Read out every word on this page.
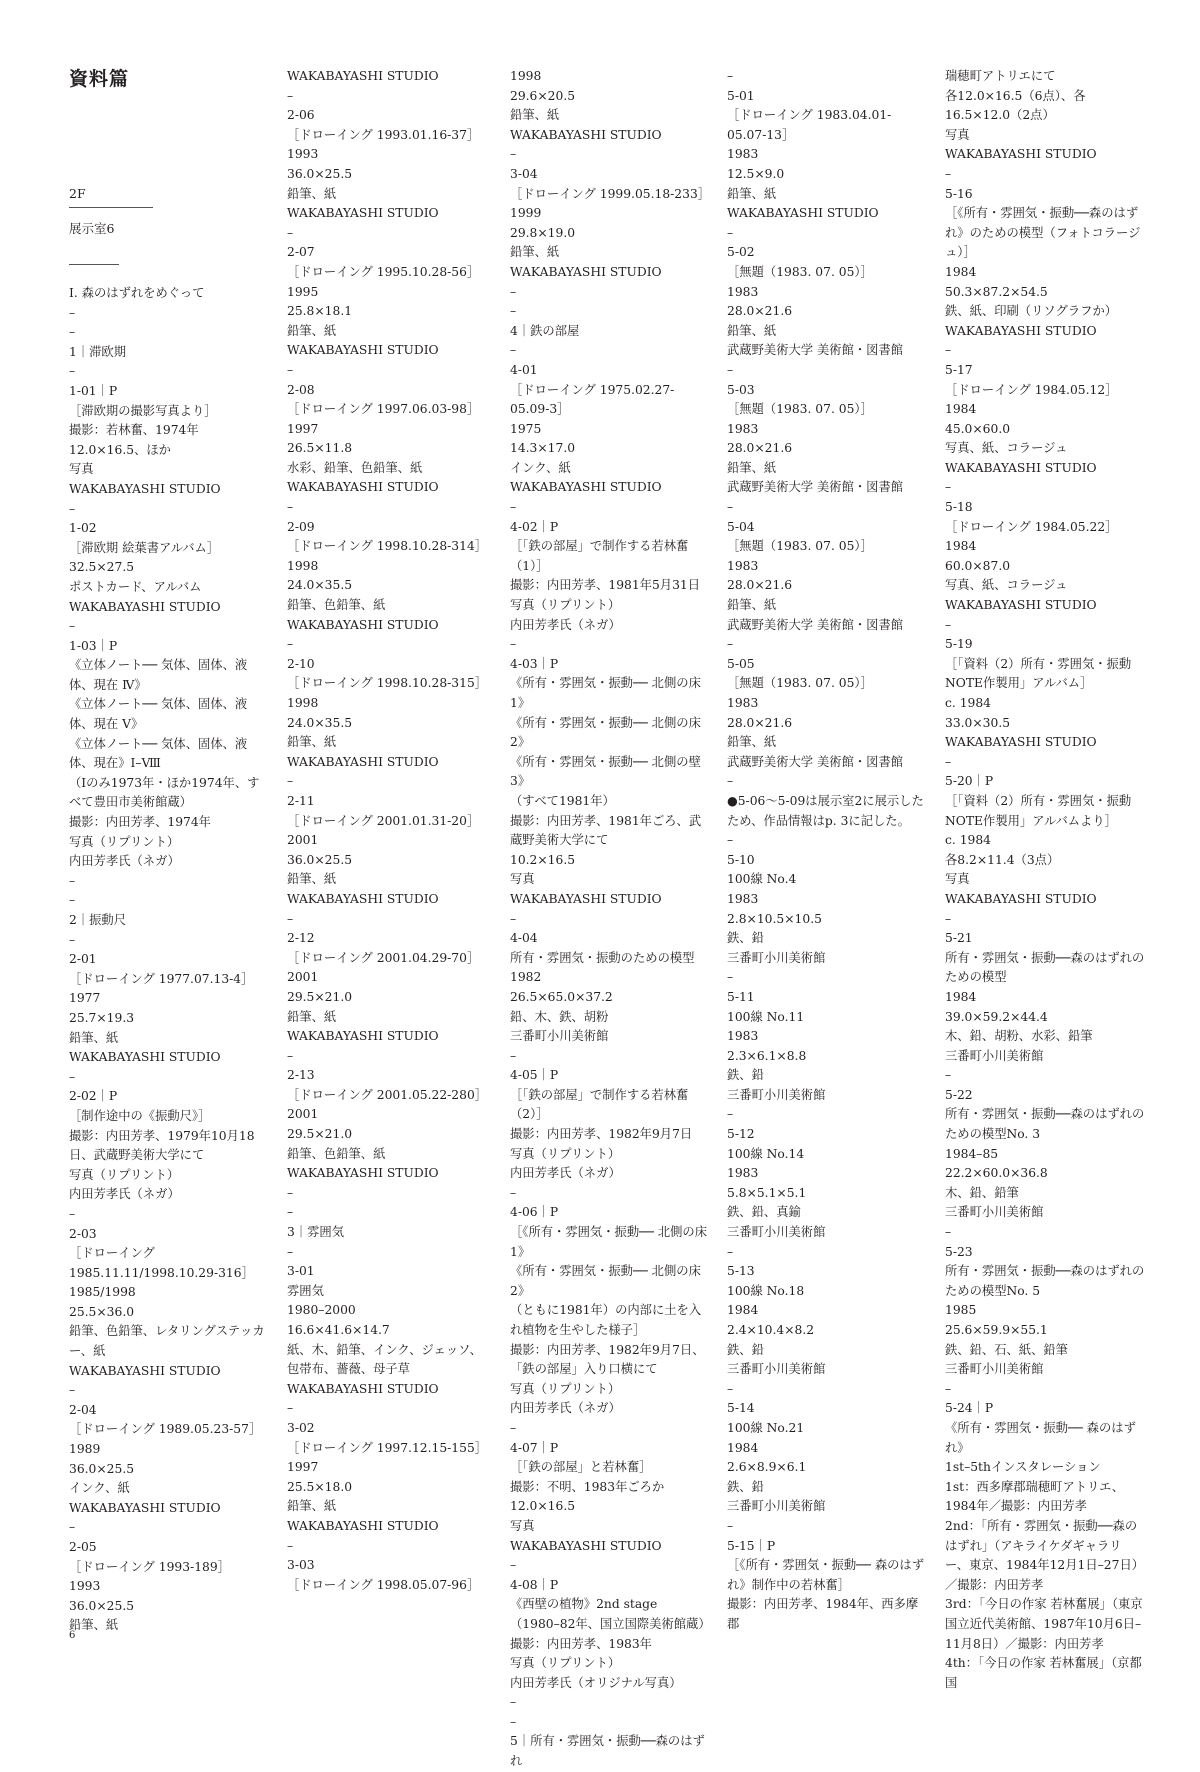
資料篇
2F
展示室6
I. 森のはずれをめぐって
–
–
1｜滞欧期
–
1-01｜P
［滞欧期の撮影写真より］
撮影：若林奮、1974年
12.0×16.5、ほか
写真
WAKABAYASHI STUDIO
–
1-02
［滞欧期 絵葉書アルバム］
32.5×27.5
ポストカード、アルバム
WAKABAYASHI STUDIO
–
1-03｜P
《立体ノート── 気体、固体、液体、現在 Ⅳ》
《立体ノート── 気体、固体、液体、現在 Ⅴ》
《立体ノート── 気体、固体、液体、現在》Ⅰ–Ⅷ
（Ⅰのみ1973年・ほか1974年、すべて豊田市美術館蔵）
撮影：内田芳孝、1974年
写真（リプリント）
内田芳孝氏（ネガ）
–
–
2｜振動尺
–
2-01
［ドローイング 1977.07.13-4］
1977
25.7×19.3
鉛筆、紙
WAKABAYASHI STUDIO
–
2-02｜P
［制作途中の《振動尺》］
撮影：内田芳孝、1979年10月18日、武蔵野美術大学にて
写真（リプリント）
内田芳孝氏（ネガ）
–
2-03
［ドローイング
1985.11.11/1998.10.29-316］
1985/1998
25.5×36.0
鉛筆、色鉛筆、レタリングステッカー、紙
WAKABAYASHI STUDIO
–
2-04
［ドローイング 1989.05.23-57］
1989
36.0×25.5
インク、紙
WAKABAYASHI STUDIO
–
2-05
［ドローイング 1993-189］
1993
36.0×25.5
鉛筆、紙
WAKABAYASHI STUDIO
–
2-06
［ドローイング 1993.01.16-37］
1993
36.0×25.5
鉛筆、紙
WAKABAYASHI STUDIO
–
2-07
［ドローイング 1995.10.28-56］
1995
25.8×18.1
鉛筆、紙
WAKABAYASHI STUDIO
–
2-08
［ドローイング 1997.06.03-98］
1997
26.5×11.8
水彩、鉛筆、色鉛筆、紙
WAKABAYASHI STUDIO
–
2-09
［ドローイング 1998.10.28-314］
1998
24.0×35.5
鉛筆、色鉛筆、紙
WAKABAYASHI STUDIO
–
2-10
［ドローイング 1998.10.28-315］
1998
24.0×35.5
鉛筆、紙
WAKABAYASHI STUDIO
–
2-11
［ドローイング 2001.01.31-20］
2001
36.0×25.5
鉛筆、紙
WAKABAYASHI STUDIO
–
2-12
［ドローイング 2001.04.29-70］
2001
29.5×21.0
鉛筆、紙
WAKABAYASHI STUDIO
–
2-13
［ドローイング 2001.05.22-280］
2001
29.5×21.0
鉛筆、色鉛筆、紙
WAKABAYASHI STUDIO
–
–
3｜雰囲気
–
3-01
雰囲気
1980–2000
16.6×41.6×14.7
紙、木、鉛筆、インク、ジェッソ、包帯布、薔薇、母子草
WAKABAYASHI STUDIO
–
3-02
［ドローイング 1997.12.15-155］
1997
25.5×18.0
鉛筆、紙
WAKABAYASHI STUDIO
–
3-03
［ドローイング 1998.05.07-96］
1998
29.6×20.5
鉛筆、紙
WAKABAYASHI STUDIO
–
3-04
［ドローイング 1999.05.18-233］
1999
29.8×19.0
鉛筆、紙
WAKABAYASHI STUDIO
–
–
4｜鉄の部屋
–
4-01
［ドローイング 1975.02.27-05.09-3］
1975
14.3×17.0
インク、紙
WAKABAYASHI STUDIO
–
4-02｜P
［「鉄の部屋」で制作する若林奮（1）］
撮影：内田芳孝、1981年5月31日
写真（リプリント）
内田芳孝氏（ネガ）
–
4-03｜P
《所有・雰囲気・振動── 北側の床1》
《所有・雰囲気・振動── 北側の床2》
《所有・雰囲気・振動── 北側の壁3》
（すべて1981年）
撮影：内田芳孝、1981年ごろ、武蔵野美術大学にて
10.2×16.5
写真
WAKABAYASHI STUDIO
–
4-04
所有・雰囲気・振動のための模型
1982
26.5×65.0×37.2
鉛、木、鉄、胡粉
三番町小川美術館
–
4-05｜P
［「鉄の部屋」で制作する若林奮（2）］
撮影：内田芳孝、1982年9月7日
写真（リプリント）
内田芳孝氏（ネガ）
–
4-06｜P
［《所有・雰囲気・振動── 北側の床1》
《所有・雰囲気・振動── 北側の床2》
（ともに1981年）の内部に土を入れ植物を生やした様子］
撮影：内田芳孝、1982年9月7日、「鉄の部屋」入り口横にて
写真（リプリント）
内田芳孝氏（ネガ）
–
4-07｜P
［「鉄の部屋」と若林奮］
撮影：不明、1983年ごろか
12.0×16.5
写真
WAKABAYASHI STUDIO
–
4-08｜P
《西壁の植物》2nd stage
（1980–82年、国立国際美術館蔵）
撮影：内田芳孝、1983年
写真（リプリント）
内田芳孝氏（オリジナル写真）
–
–
5｜所有・雰囲気・振動──森のはずれ
–
5-01
［ドローイング 1983.04.01-05.07-13］
1983
12.5×9.0
鉛筆、紙
WAKABAYASHI STUDIO
–
5-02
［無題（1983. 07. 05）］
1983
28.0×21.6
鉛筆、紙
武蔵野美術大学 美術館・図書館
–
5-03
［無題（1983. 07. 05）］
1983
28.0×21.6
鉛筆、紙
武蔵野美術大学 美術館・図書館
–
5-04
［無題（1983. 07. 05）］
1983
28.0×21.6
鉛筆、紙
武蔵野美術大学 美術館・図書館
–
5-05
［無題（1983. 07. 05）］
1983
28.0×21.6
鉛筆、紙
武蔵野美術大学 美術館・図書館
–
●5-06～5-09は展示室2に展示したため、作品情報はp. 3に記した。
–
5-10
100線 No.4
1983
2.8×10.5×10.5
鉄、鉛
三番町小川美術館
–
5-11
100線 No.11
1983
2.3×6.1×8.8
鉄、鉛
三番町小川美術館
–
5-12
100線 No.14
1983
5.8×5.1×5.1
鉄、鉛、真鍮
三番町小川美術館
–
5-13
100線 No.18
1984
2.4×10.4×8.2
鉄、鉛
三番町小川美術館
–
5-14
100線 No.21
1984
2.6×8.9×6.1
鉄、鉛
三番町小川美術館
–
5-15｜P
［《所有・雰囲気・振動── 森のはずれ》制作中の若林奮］
撮影：内田芳孝、1984年、西多摩郡
瑞穂町アトリエにて
各12.0×16.5（6点）、各16.5×12.0（2点）
写真
WAKABAYASHI STUDIO
–
5-16
［《所有・雰囲気・振動──森のはずれ》のための模型（フォトコラージュ）］
1984
50.3×87.2×54.5
鉄、紙、印刷（リソグラフか）
WAKABAYASHI STUDIO
–
5-17
［ドローイング 1984.05.12］
1984
45.0×60.0
写真、紙、コラージュ
WAKABAYASHI STUDIO
–
5-18
［ドローイング 1984.05.22］
1984
60.0×87.0
写真、紙、コラージュ
WAKABAYASHI STUDIO
–
5-19
［「資料（2）所有・雰囲気・振動NOTE作製用」アルバム］
c. 1984
33.0×30.5
WAKABAYASHI STUDIO
–
5-20｜P
［「資料（2）所有・雰囲気・振動NOTE作製用」アルバムより］
c. 1984
各8.2×11.4（3点）
写真
WAKABAYASHI STUDIO
–
5-21
所有・雰囲気・振動──森のはずれのための模型
1984
39.0×59.2×44.4
木、鉛、胡粉、水彩、鉛筆
三番町小川美術館
–
5-22
所有・雰囲気・振動──森のはずれのための模型No. 3
1984–85
22.2×60.0×36.8
木、鉛、鉛筆
三番町小川美術館
–
5-23
所有・雰囲気・振動──森のはずれのための模型No. 5
1985
25.6×59.9×55.1
鉄、鉛、石、紙、鉛筆
三番町小川美術館
–
5-24｜P
《所有・雰囲気・振動── 森のはずれ》
1st–5thインスタレーション
1st：西多摩郡瑞穂町アトリエ、1984年／撮影：内田芳孝
2nd：「所有・雰囲気・振動──森のはずれ」（アキライケダギャラリー、東京、1984年12月1日–27日）／撮影：内田芳孝
3rd：「今日の作家 若林奮展」（東京国立近代美術館、1987年10月6日–11月8日）／撮影：内田芳孝
4th：「今日の作家 若林奮展」（京都国
6
